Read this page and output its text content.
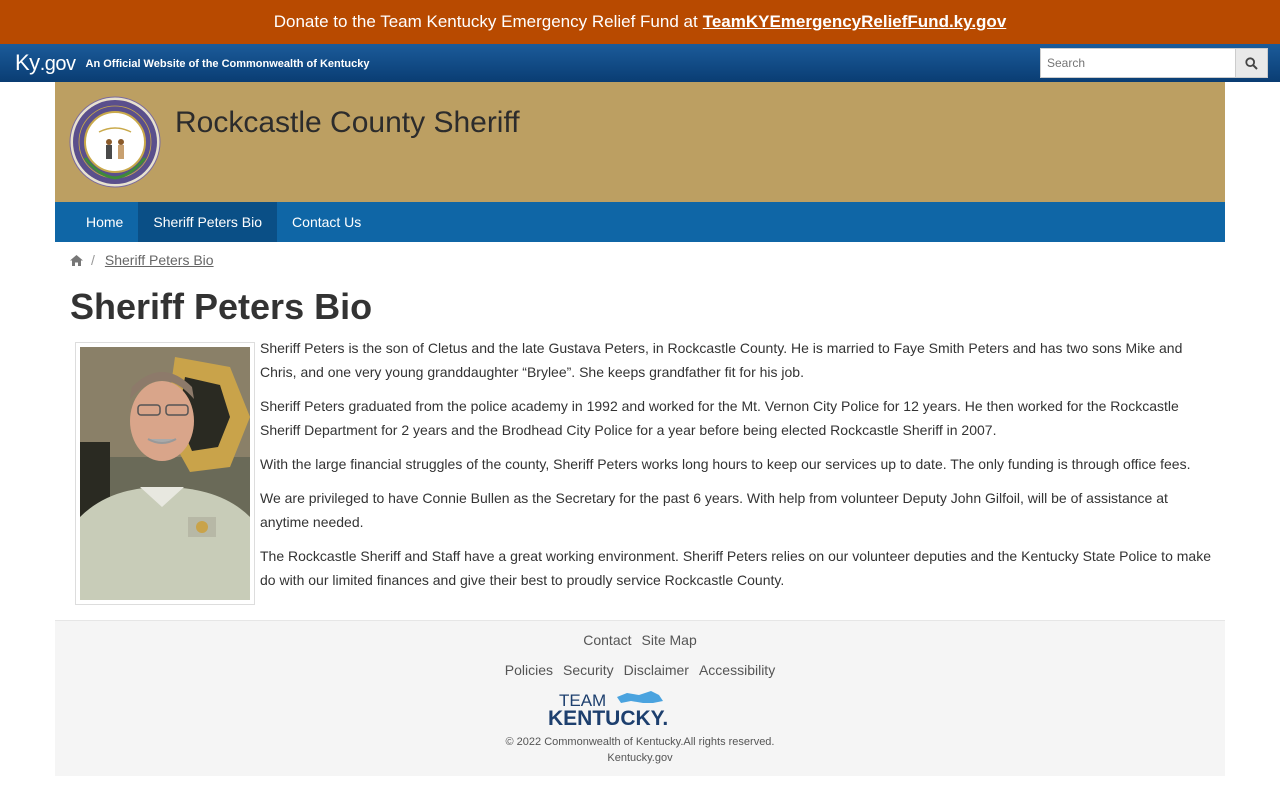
Donate to the Team Kentucky Emergency Relief Fund at TeamKYEmergencyReliefFund.ky.gov
Ky.gov An Official Website of the Commonwealth of Kentucky
Search
Rockcastle County Sheriff
Home	Sheriff Peters Bio	Contact Us
/ Sheriff Peters Bio
Sheriff Peters Bio

Sheriff Peters is the son of Cletus and the late Gustava Peters, in Rockcastle County. He is married to Faye Smith Peters and has two sons Mike and Chris, and one very young granddaughter “Brylee”. She keeps grandfather fit for his job.

Sheriff Peters graduated from the police academy in 1992 and worked for the Mt. Vernon City Police for 12 years. He then worked for the Rockcastle Sheriff Department for 2 years and the Brodhead City Police for a year before being elected Rockcastle Sheriff in 2007.

With the large financial struggles of the county, Sheriff Peters works long hours to keep our services up to date. The only funding is through office fees.

We are privileged to have Connie Bullen as the Secretary for the past 6 years. With help from volunteer Deputy John Gilfoil, will be of assistance at anytime needed.

The Rockcastle Sheriff and Staff have a great working environment. Sheriff Peters relies on our volunteer deputies and the Kentucky State Police to make do with our limited finances and give their best to proudly service Rockcastle County.

Contact Site Map
Policies Security Disclaimer Accessibility
TEAM
KENTUCKY.
© 2022 Commonwealth of Kentucky.All rights reserved.
Kentucky.gov
